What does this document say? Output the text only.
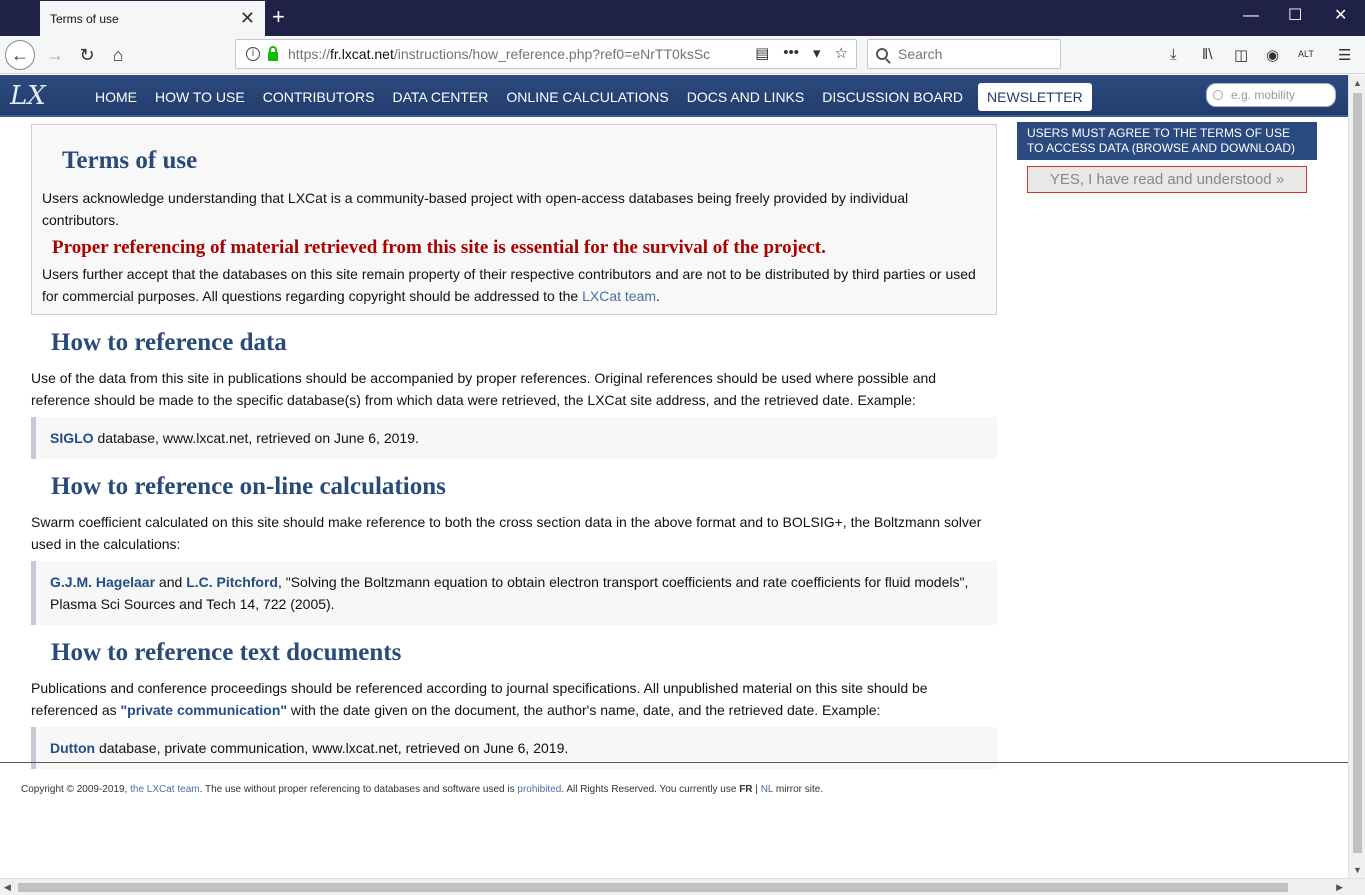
Terms of use	✕ +	— ☐ ✕
← → ↻	⌂	i	https://fr.lxcat.net/instructions/how_reference.php?ref0=eNrTT0ksSc	▤ ••• ▾ ☆	Search	⤓ ‖\ ◫ ◉ ALT ☰
LX	HOME	HOW TO USE	CONTRIBUTORS	DATA CENTER	ONLINE CALCULATIONS	DOCS AND LINKS	DISCUSSION BOARD	NEWSLETTER	e.g. mobility
Terms of use

Users acknowledge understanding that LXCat is a community-based project with open-access databases being freely provided by individual contributors.

Proper referencing of material retrieved from this site is essential for the survival of the project.

Users further accept that the databases on this site remain property of their respective contributors and are not to be distributed by third parties or used for commercial purposes. All questions regarding copyright should be addressed to the LXCat team.

How to reference data

Use of the data from this site in publications should be accompanied by proper references. Original references should be used where possible and reference should be made to the specific database(s) from which data were retrieved, the LXCat site address, and the retrieved date. Example:

SIGLO database, www.lxcat.net, retrieved on June 6, 2019.
How to reference on-line calculations

Swarm coefficient calculated on this site should make reference to both the cross section data in the above format and to BOLSIG+, the Boltzmann solver used in the calculations:

G.J.M. Hagelaar and L.C. Pitchford, "Solving the Boltzmann equation to obtain electron transport coefficients and rate coefficients for fluid models", Plasma Sci Sources and Tech 14, 722 (2005).
How to reference text documents

Publications and conference proceedings should be referenced according to journal specifications. All unpublished material on this site should be referenced as "private communication" with the date given on the document, the author's name, date, and the retrieved date. Example:

Dutton database, private communication, www.lxcat.net, retrieved on June 6, 2019.
USERS MUST AGREE TO THE TERMS OF USE TO ACCESS DATA (BROWSE AND DOWNLOAD)
YES, I have read and understood »
Copyright © 2009-2019, the LXCat team. The use without proper referencing to databases and software used is prohibited. All Rights Reserved. You currently use FR | NL mirror site.
▲
▼
◀	▶
